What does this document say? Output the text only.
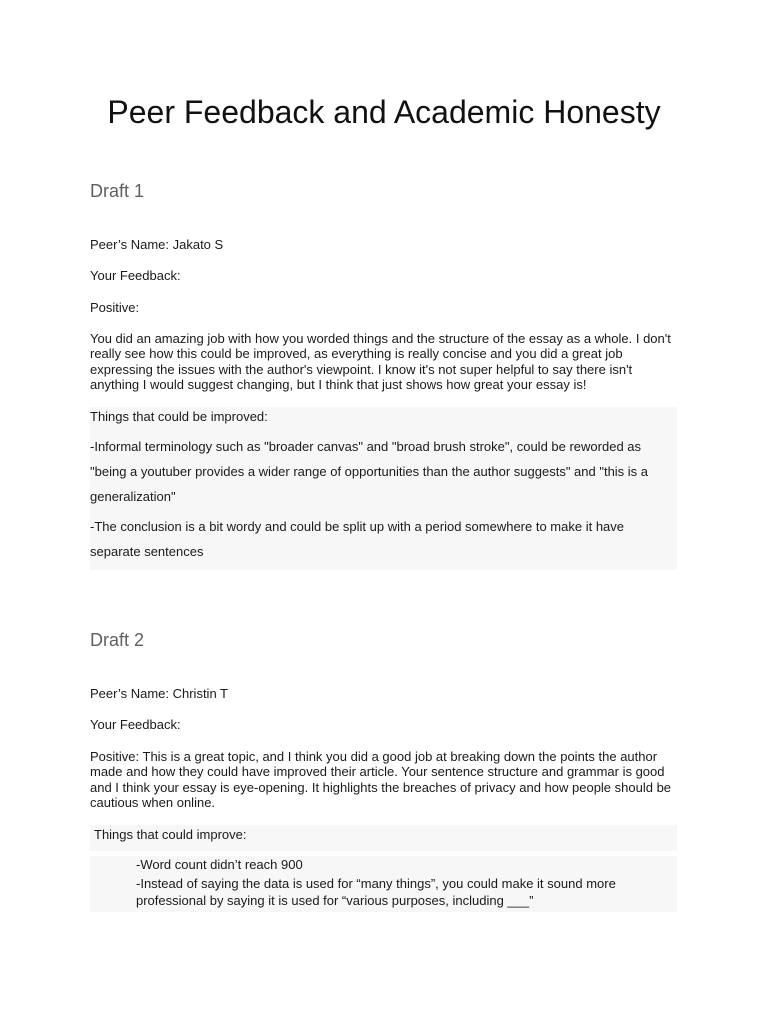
Peer Feedback and Academic Honesty
Draft 1

Peer’s Name: Jakato S

Your Feedback:

Positive:

You did an amazing job with how you worded things and the structure of the essay as a whole. I don't really see how this could be improved, as everything is really concise and you did a great job expressing the issues with the author's viewpoint. I know it's not super helpful to say there isn't anything I would suggest changing, but I think that just shows how great your essay is!

Things that could be improved:

-Informal terminology such as "broader canvas" and "broad brush stroke", could be reworded as "being a youtuber provides a wider range of opportunities than the author suggests" and "this is a generalization"

-The conclusion is a bit wordy and could be split up with a period somewhere to make it have separate sentences

Draft 2

Peer’s Name: Christin T

Your Feedback:

Positive: This is a great topic, and I think you did a good job at breaking down the points the author made and how they could have improved their article. Your sentence structure and grammar is good and I think your essay is eye-opening. It highlights the breaches of privacy and how people should be cautious when online.

Things that could improve:

-Word count didn’t reach 900

-Instead of saying the data is used for “many things”, you could make it sound more professional by saying it is used for “various purposes, including ___”
